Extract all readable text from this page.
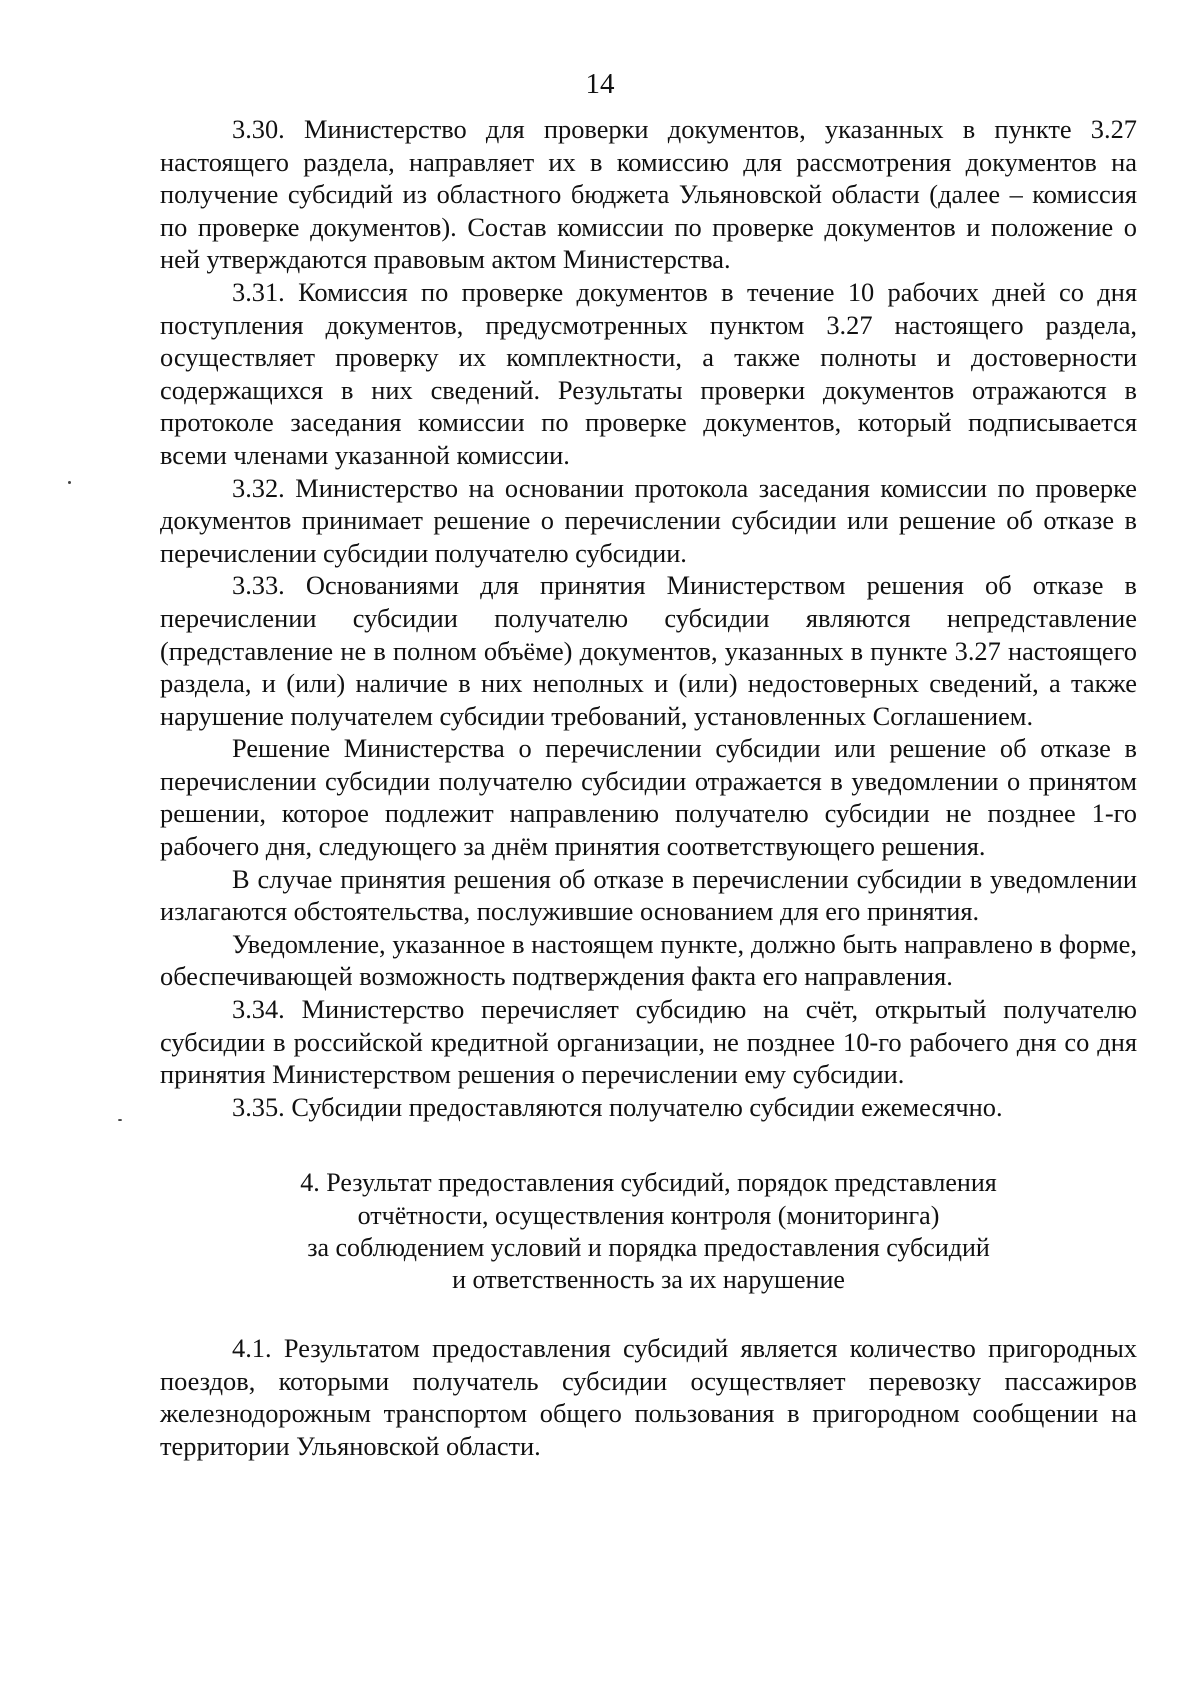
14

3.30. Министерство для проверки документов, указанных в пункте 3.27 настоящего раздела, направляет их в комиссию для рассмотрения документов на получение субсидий из областного бюджета Ульяновской области (далее – комиссия по проверке документов). Состав комиссии по проверке документов и положение о ней утверждаются правовым актом Министерства.

3.31. Комиссия по проверке документов в течение 10 рабочих дней со дня поступления документов, предусмотренных пунктом 3.27 настоящего раздела, осуществляет проверку их комплектности, а также полноты и достоверности содержащихся в них сведений. Результаты проверки документов отражаются в протоколе заседания комиссии по проверке документов, который подписывается всеми членами указанной комиссии.

3.32. Министерство на основании протокола заседания комиссии по проверке документов принимает решение о перечислении субсидии или решение об отказе в перечислении субсидии получателю субсидии.

3.33. Основаниями для принятия Министерством решения об отказе в перечислении субсидии получателю субсидии являются непредставление (представление не в полном объёме) документов, указанных в пункте 3.27 настоящего раздела, и (или) наличие в них неполных и (или) недостоверных сведений, а также нарушение получателем субсидии требований, установленных Соглашением.

Решение Министерства о перечислении субсидии или решение об отказе в перечислении субсидии получателю субсидии отражается в уведомлении о принятом решении, которое подлежит направлению получателю субсидии не позднее 1-го рабочего дня, следующего за днём принятия соответствующего решения.

В случае принятия решения об отказе в перечислении субсидии в уведомлении излагаются обстоятельства, послужившие основанием для его принятия.

Уведомление, указанное в настоящем пункте, должно быть направлено в форме, обеспечивающей возможность подтверждения факта его направления.

3.34. Министерство перечисляет субсидию на счёт, открытый получателю субсидии в российской кредитной организации, не позднее 10-го рабочего дня со дня принятия Министерством решения о перечислении ему субсидии.

3.35. Субсидии предоставляются получателю субсидии ежемесячно.

4. Результат предоставления субсидий, порядок представления
отчётности, осуществления контроля (мониторинга)
за соблюдением условий и порядка предоставления субсидий
и ответственность за их нарушение

4.1. Результатом предоставления субсидий является количество пригородных поездов, которыми получатель субсидии осуществляет перевозку пассажиров железнодорожным транспортом общего пользования в пригородном сообщении на территории Ульяновской области.
